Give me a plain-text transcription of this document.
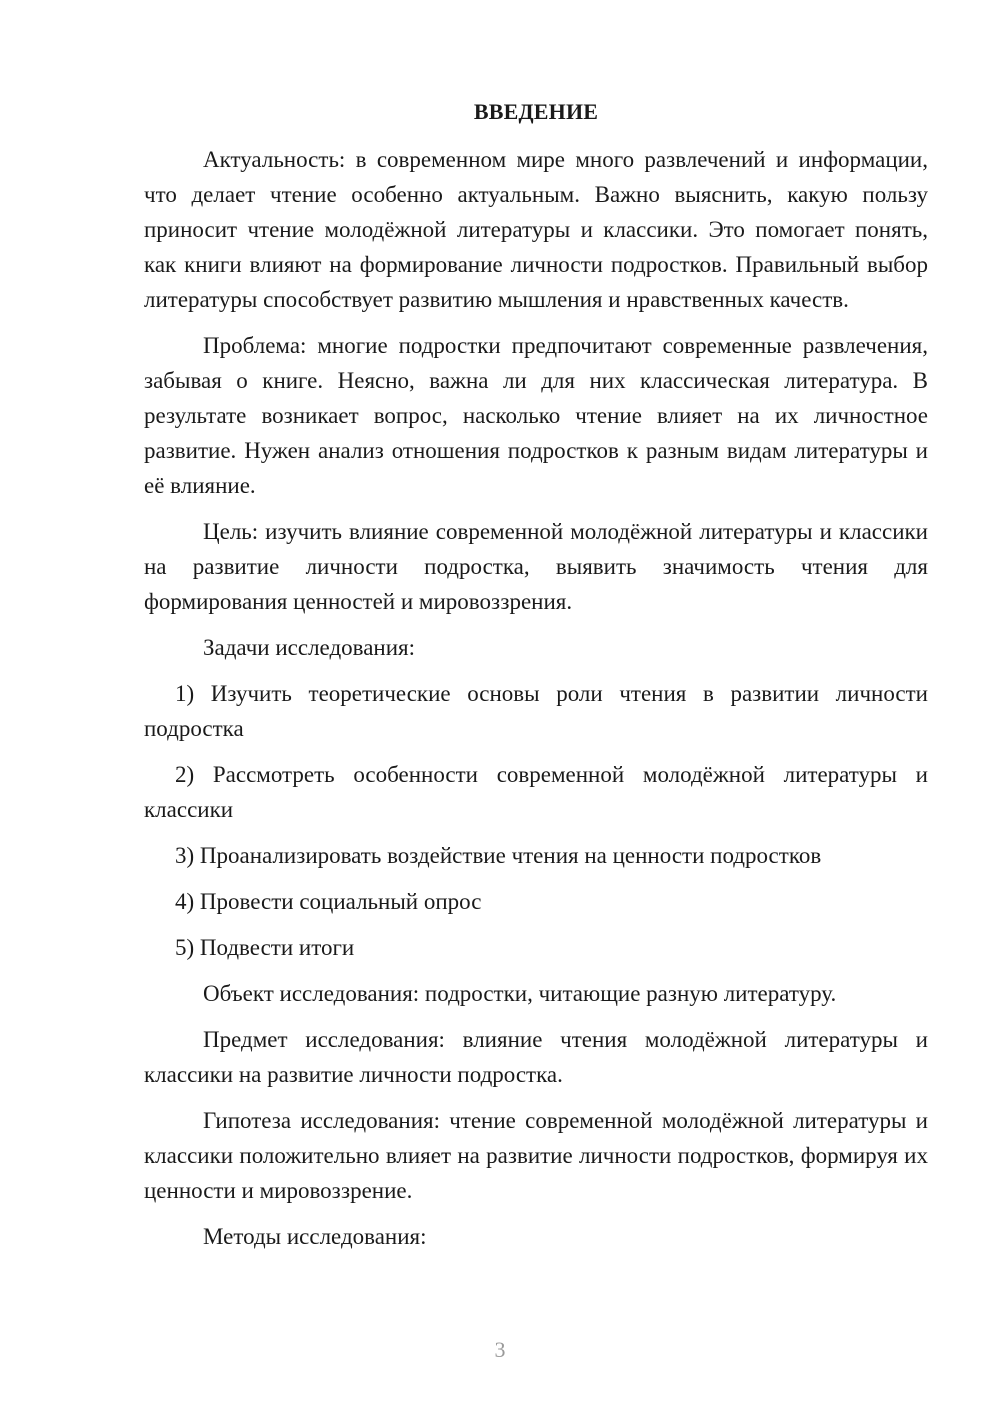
ВВЕДЕНИЕ

Актуальность: в современном мире много развлечений и информации, что делает чтение особенно актуальным. Важно выяснить, какую пользу приносит чтение молодёжной литературы и классики. Это помогает понять, как книги влияют на формирование личности подростков. Правильный выбор литературы способствует развитию мышления и нравственных качеств.

Проблема: многие подростки предпочитают современные развлечения, забывая о книге. Неясно, важна ли для них классическая литература. В результате возникает вопрос, насколько чтение влияет на их личностное развитие. Нужен анализ отношения подростков к разным видам литературы и её влияние.

Цель: изучить влияние современной молодёжной литературы и классики на развитие личности подростка, выявить значимость чтения для формирования ценностей и мировоззрения.

Задачи исследования:

1) Изучить теоретические основы роли чтения в развитии личности подростка

2) Рассмотреть особенности современной молодёжной литературы и классики

3) Проанализировать воздействие чтения на ценности подростков

4) Провести социальный опрос

5) Подвести итоги

Объект исследования: подростки, читающие разную литературу.

Предмет исследования: влияние чтения молодёжной литературы и классики на развитие личности подростка.

Гипотеза исследования: чтение современной молодёжной литературы и классики положительно влияет на развитие личности подростков, формируя их ценности и мировоззрение.

Методы исследования:

3
